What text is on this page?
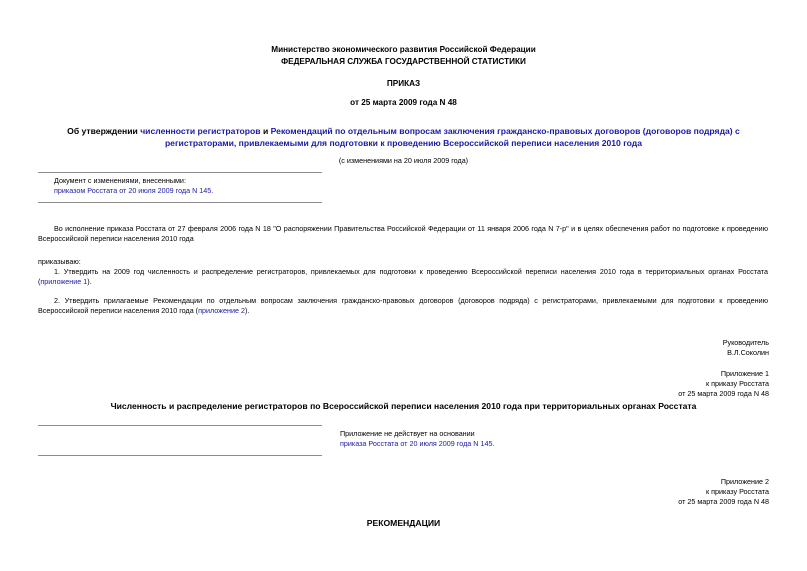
Министерство экономического развития Российской Федерации
ФЕДЕРАЛЬНАЯ СЛУЖБА ГОСУДАРСТВЕННОЙ СТАТИСТИКИ
ПРИКАЗ
от 25 марта 2009 года N 48
Об утверждении численности регистраторов и Рекомендаций по отдельным вопросам заключения гражданско-правовых договоров (договоров подряда) с регистраторами, привлекаемыми для подготовки к проведению Всероссийской переписи населения 2010 года
(с изменениями на 20 июля 2009 года)
Документ с изменениями, внесенными:
приказом Росстата от 20 июля 2009 года N 145.
Во исполнение приказа Росстата от 27 февраля 2006 года N 18 "О распоряжении Правительства Российской Федерации от 11 января 2006 года N 7-р" и в целях обеспечения работ по подготовке к проведению Всероссийской переписи населения 2010 года
приказываю:
1. Утвердить на 2009 год численность и распределение регистраторов, привлекаемых для подготовки к проведению Всероссийской переписи населения 2010 года в территориальных органах Росстата (приложение 1).
2. Утвердить прилагаемые Рекомендации по отдельным вопросам заключения гражданско-правовых договоров (договоров подряда) с регистраторами, привлекаемыми для подготовки к проведению Всероссийской переписи населения 2010 года (приложение 2).
Руководитель
В.Л.Соколин
Приложение 1
к приказу Росстата
от 25 марта 2009 года N 48
Численность и распределение регистраторов по Всероссийской переписи населения 2010 года при территориальных органах Росстата
Приложение не действует на основании
приказа Росстата от 20 июля 2009 года N 145.
Приложение 2
к приказу Росстата
от 25 марта 2009 года N 48
РЕКОМЕНДАЦИИ
